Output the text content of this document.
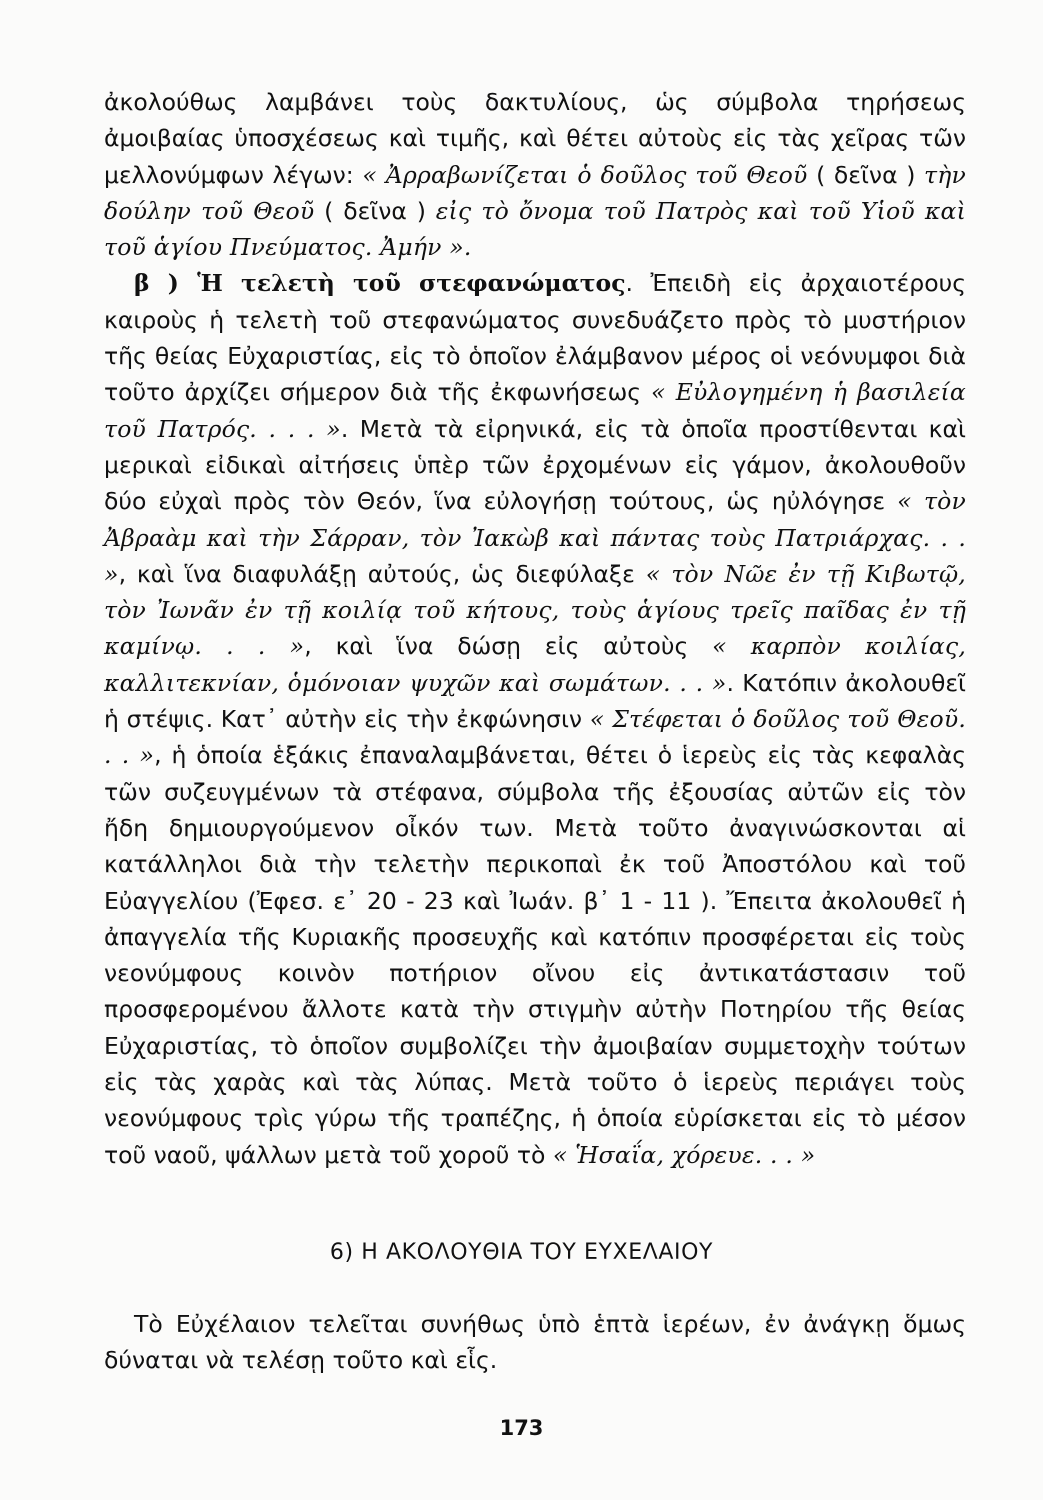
ἀκολούθως λαμβάνει τοὺς δακτυλίους, ὡς σύμβολα τηρήσεως ἀμοιβαίας ὑποσχέσεως καὶ τιμῆς, καὶ θέτει αὐτοὺς εἰς τὰς χεῖρας τῶν μελλονύμφων λέγων: « Ἀρραβωνίζεται ὁ δοῦλος τοῦ Θεοῦ ( δεῖνα ) τὴν δούλην τοῦ Θεοῦ ( δεῖνα ) εἰς τὸ ὄνομα τοῦ Πατρὸς καὶ τοῦ Υἱοῦ καὶ τοῦ ἁγίου Πνεύματος. Ἀμήν ».

β ) Ἡ τελετὴ τοῦ στεφανώματος. Ἐπειδὴ εἰς ἀρχαιοτέρους καιροὺς ἡ τελετὴ τοῦ στεφανώματος συνεδυάζετο πρὸς τὸ μυστήριον τῆς θείας Εὐχαριστίας, εἰς τὸ ὁποῖον ἐλάμβανον μέρος οἱ νεόνυμφοι διὰ τοῦτο ἀρχίζει σήμερον διὰ τῆς ἐκφωνήσεως « Εὐλογημένη ἡ βασιλεία τοῦ Πατρός. . . . ». Μετὰ τὰ εἰρηνικά, εἰς τὰ ὁποῖα προστίθενται καὶ μερικαὶ εἰδικαὶ αἰτήσεις ὑπὲρ τῶν ἐρχομένων εἰς γάμον, ἀκολουθοῦν δύο εὐχαὶ πρὸς τὸν Θεόν, ἵνα εὐλογήσῃ τούτους, ὡς ηὐλόγησε « τὸν Ἀβραὰμ καὶ τὴν Σάρραν, τὸν Ἰακὼβ καὶ πάντας τοὺς Πατριάρχας. . . », καὶ ἵνα διαφυλάξῃ αὐτούς, ὡς διεφύλαξε « τὸν Νῶε ἐν τῇ Κιβωτῷ, τὸν Ἰωνᾶν ἐν τῇ κοιλίᾳ τοῦ κήτους, τοὺς ἁγίους τρεῖς παῖδας ἐν τῇ καμίνῳ. . . », καὶ ἵνα δώσῃ εἰς αὐτοὺς « καρπὸν κοιλίας, καλλιτεκνίαν, ὁμόνοιαν ψυχῶν καὶ σωμάτων. . . ». Κατόπιν ἀκολουθεῖ ἡ στέψις. Κατ᾽ αὐτὴν εἰς τὴν ἐκφώνησιν « Στέφεται ὁ δοῦλος τοῦ Θεοῦ. . . », ἡ ὁποία ἑξάκις ἐπαναλαμβάνεται, θέτει ὁ ἱερεὺς εἰς τὰς κεφαλὰς τῶν συζευγμένων τὰ στέφανα, σύμβολα τῆς ἐξουσίας αὐτῶν εἰς τὸν ἤδη δημιουργούμενον οἶκόν των. Μετὰ τοῦτο ἀναγινώσκονται αἱ κατάλληλοι διὰ τὴν τελετὴν περικοπαὶ ἐκ τοῦ Ἀποστόλου καὶ τοῦ Εὐαγγελίου (Ἐφεσ. ε᾽ 20 - 23 καὶ Ἰωάν. β᾽ 1 - 11 ). Ἔπειτα ἀκολουθεῖ ἡ ἀπαγγελία τῆς Κυριακῆς προσευχῆς καὶ κατόπιν προσφέρεται εἰς τοὺς νεονύμφους κοινὸν ποτήριον οἴνου εἰς ἀντικατάστασιν τοῦ προσφερομένου ἄλλοτε κατὰ τὴν στιγμὴν αὐτὴν Ποτηρίου τῆς θείας Εὐχαριστίας, τὸ ὁποῖον συμβολίζει τὴν ἀμοιβαίαν συμμετοχὴν τούτων εἰς τὰς χαρὰς καὶ τὰς λύπας. Μετὰ τοῦτο ὁ ἱερεὺς περιάγει τοὺς νεονύμφους τρὶς γύρω τῆς τραπέζης, ἡ ὁποία εὑρίσκεται εἰς τὸ μέσον τοῦ ναοῦ, ψάλλων μετὰ τοῦ χοροῦ τὸ « Ἡσαΐα, χόρευε. . . »

6) Η ΑΚΟΛΟΥΘΙΑ ΤΟΥ ΕΥΧΕΛΑΙΟΥ

Τὸ Εὐχέλαιον τελεῖται συνήθως ὑπὸ ἑπτὰ ἱερέων, ἐν ἀνάγκῃ ὅμως δύναται νὰ τελέσῃ τοῦτο καὶ εἷς.

173
